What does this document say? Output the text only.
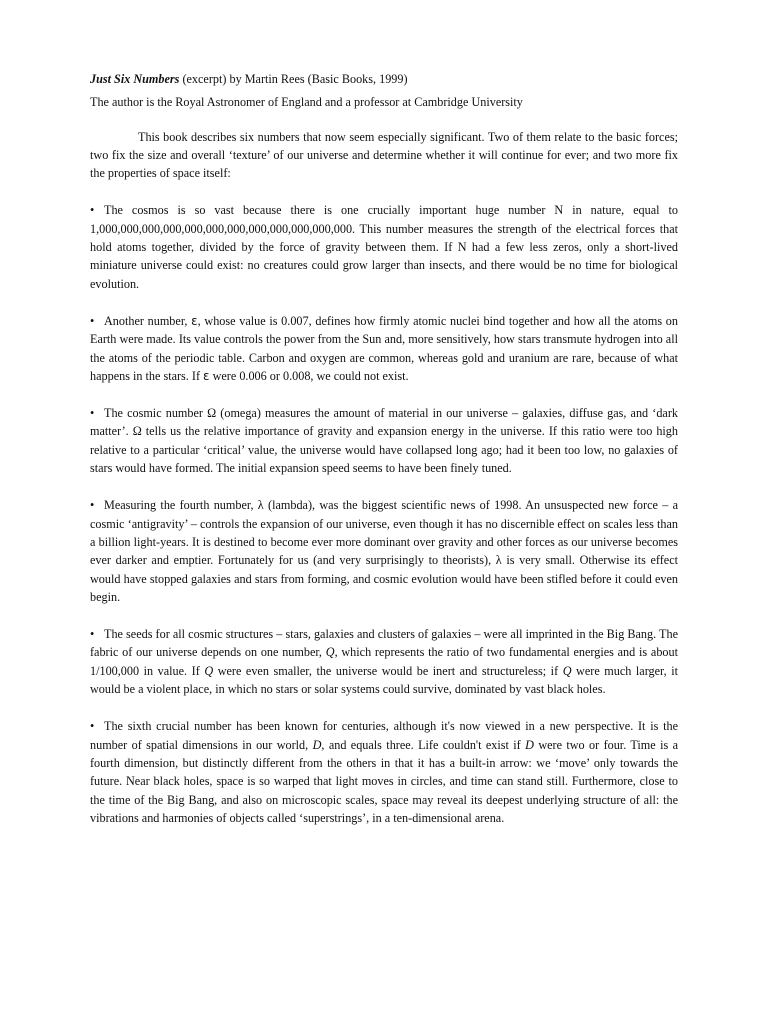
Just Six Numbers (excerpt) by Martin Rees (Basic Books, 1999)

The author is the Royal Astronomer of England and a professor at Cambridge University

This book describes six numbers that now seem especially significant. Two of them relate to the basic forces; two fix the size and overall ‘texture’ of our universe and determine whether it will continue for ever; and two more fix the properties of space itself:

• The cosmos is so vast because there is one crucially important huge number N in nature, equal to 1,000,000,000,000,000,000,000,000,000,000,000,000. This number measures the strength of the electrical forces that hold atoms together, divided by the force of gravity between them. If N had a few less zeros, only a short-lived miniature universe could exist: no creatures could grow larger than insects, and there would be no time for biological evolution.

• Another number, ε, whose value is 0.007, defines how firmly atomic nuclei bind together and how all the atoms on Earth were made. Its value controls the power from the Sun and, more sensitively, how stars transmute hydrogen into all the atoms of the periodic table. Carbon and oxygen are common, whereas gold and uranium are rare, because of what happens in the stars. If ε were 0.006 or 0.008, we could not exist.

• The cosmic number Ω (omega) measures the amount of material in our universe – galaxies, diffuse gas, and ‘dark matter’. Ω tells us the relative importance of gravity and expansion energy in the universe. If this ratio were too high relative to a particular ‘critical’ value, the universe would have collapsed long ago; had it been too low, no galaxies of stars would have formed. The initial expansion speed seems to have been finely tuned.

• Measuring the fourth number, λ (lambda), was the biggest scientific news of 1998. An unsuspected new force – a cosmic ‘antigravity’ – controls the expansion of our universe, even though it has no discernible effect on scales less than a billion light-years. It is destined to become ever more dominant over gravity and other forces as our universe becomes ever darker and emptier. Fortunately for us (and very surprisingly to theorists), λ is very small. Otherwise its effect would have stopped galaxies and stars from forming, and cosmic evolution would have been stifled before it could even begin.

• The seeds for all cosmic structures – stars, galaxies and clusters of galaxies – were all imprinted in the Big Bang. The fabric of our universe depends on one number, Q, which represents the ratio of two fundamental energies and is about 1/100,000 in value. If Q were even smaller, the universe would be inert and structureless; if Q were much larger, it would be a violent place, in which no stars or solar systems could survive, dominated by vast black holes.

• The sixth crucial number has been known for centuries, although it's now viewed in a new perspective. It is the number of spatial dimensions in our world, D, and equals three. Life couldn't exist if D were two or four. Time is a fourth dimension, but distinctly different from the others in that it has a built-in arrow: we ‘move’ only towards the future. Near black holes, space is so warped that light moves in circles, and time can stand still. Furthermore, close to the time of the Big Bang, and also on microscopic scales, space may reveal its deepest underlying structure of all: the vibrations and harmonies of objects called ‘superstrings’, in a ten-dimensional arena.
